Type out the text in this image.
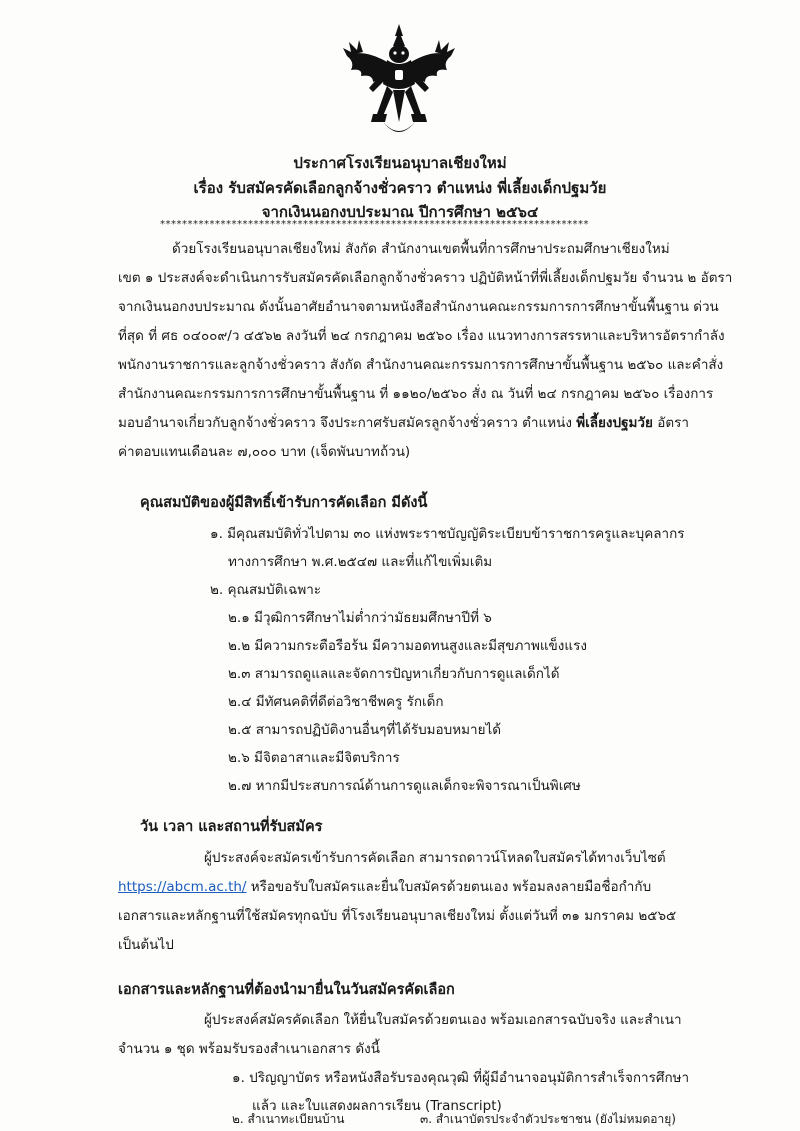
ประกาศโรงเรียนอนุบาลเชียงใหม่
เรื่อง รับสมัครคัดเลือกลูกจ้างชั่วคราว ตำแหน่ง พี่เลี้ยงเด็กปฐมวัย
จากเงินนอกงบประมาณ ปีการศึกษา ๒๕๖๔
******************************************************************************
ด้วยโรงเรียนอนุบาลเชียงใหม่ สังกัด สำนักงานเขตพื้นที่การศึกษาประถมศึกษาเชียงใหม่
เขต ๑ ประสงค์จะดำเนินการรับสมัครคัดเลือกลูกจ้างชั่วคราว ปฏิบัติหน้าที่พี่เลี้ยงเด็กปฐมวัย จำนวน ๒ อัตรา
จากเงินนอกงบประมาณ ดังนั้นอาศัยอำนาจตามหนังสือสำนักงานคณะกรรมการการศึกษาขั้นพื้นฐาน ด่วน
ที่สุด ที่ ศธ ๐๔๐๐๙/ว ๔๕๖๒ ลงวันที่ ๒๔ กรกฎาคม ๒๕๖๐ เรื่อง แนวทางการสรรหาและบริหารอัตรากำลัง
พนักงานราชการและลูกจ้างชั่วคราว สังกัด สำนักงานคณะกรรมการการศึกษาขั้นพื้นฐาน ๒๕๖๐ และคำสั่ง
สำนักงานคณะกรรมการการศึกษาขั้นพื้นฐาน ที่ ๑๑๒๐/๒๕๖๐ สั่ง ณ วันที่ ๒๔ กรกฎาคม ๒๕๖๐ เรื่องการ
มอบอำนาจเกี่ยวกับลูกจ้างชั่วคราว จึงประกาศรับสมัครลูกจ้างชั่วคราว ตำแหน่ง พี่เลี้ยงปฐมวัย อัตรา
ค่าตอบแทนเดือนละ ๗,๐๐๐ บาท (เจ็ดพันบาทถ้วน)
คุณสมบัติของผู้มีสิทธิ์เข้ารับการคัดเลือก มีดังนี้
๑. มีคุณสมบัติทั่วไปตาม ๓๐ แห่งพระราชบัญญัติระเบียบข้าราชการครูและบุคลากร
ทางการศึกษา พ.ศ.๒๕๔๗ และที่แก้ไขเพิ่มเติม
๒. คุณสมบัติเฉพาะ
๒.๑ มีวุฒิการศึกษาไม่ต่ำกว่ามัธยมศึกษาปีที่ ๖
๒.๒ มีความกระตือรือร้น มีความอดทนสูงและมีสุขภาพแข็งแรง
๒.๓ สามารถดูแลและจัดการปัญหาเกี่ยวกับการดูแลเด็กได้
๒.๔ มีทัศนคติที่ดีต่อวิชาชีพครู รักเด็ก
๒.๕ สามารถปฏิบัติงานอื่นๆที่ได้รับมอบหมายได้
๒.๖ มีจิตอาสาและมีจิตบริการ
๒.๗ หากมีประสบการณ์ด้านการดูแลเด็กจะพิจารณาเป็นพิเศษ
วัน เวลา และสถานที่รับสมัคร
ผู้ประสงค์จะสมัครเข้ารับการคัดเลือก สามารถดาวน์โหลดใบสมัครได้ทางเว็บไซต์
https://abcm.ac.th/ หรือขอรับใบสมัครและยื่นใบสมัครด้วยตนเอง พร้อมลงลายมือชื่อกำกับ
เอกสารและหลักฐานที่ใช้สมัครทุกฉบับ ที่โรงเรียนอนุบาลเชียงใหม่ ตั้งแต่วันที่ ๓๑ มกราคม ๒๕๖๕
เป็นต้นไป
เอกสารและหลักฐานที่ต้องนำมายื่นในวันสมัครคัดเลือก
ผู้ประสงค์สมัครคัดเลือก ให้ยื่นใบสมัครด้วยตนเอง พร้อมเอกสารฉบับจริง และสำเนา
จำนวน ๑ ชุด พร้อมรับรองสำเนาเอกสาร ดังนี้
๑. ปริญญาบัตร หรือหนังสือรับรองคุณวุฒิ ที่ผู้มีอำนาจอนุมัติการสำเร็จการศึกษา
แล้ว และใบแสดงผลการเรียน (Transcript)
๒. สำเนาทะเบียนบ้าน	๓. สำเนาบัตรประจำตัวประชาชน (ยังไม่หมดอายุ)
